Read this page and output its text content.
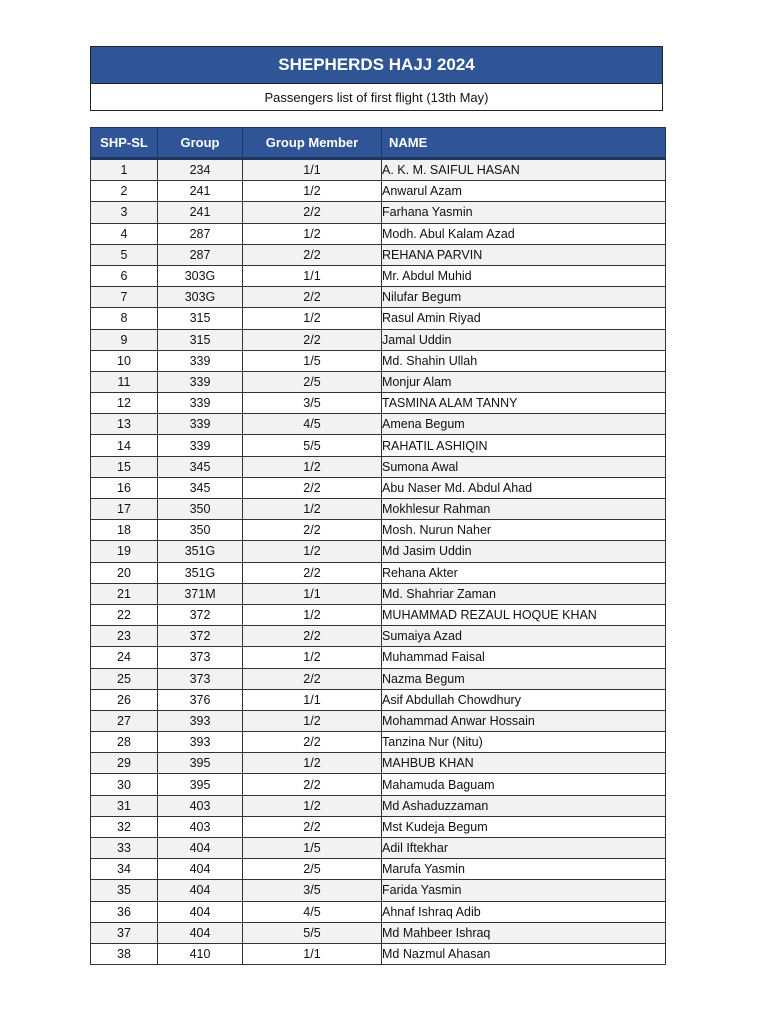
SHEPHERDS HAJJ 2024
Passengers list of first flight (13th May)
SHP-SL	Group	Group Member	NAME
1	234	1/1	A. K. M. SAIFUL HASAN
2	241	1/2	Anwarul Azam
3	241	2/2	Farhana Yasmin
4	287	1/2	Modh. Abul Kalam Azad
5	287	2/2	REHANA PARVIN
6	303G	1/1	Mr. Abdul Muhid
7	303G	2/2	Nilufar Begum
8	315	1/2	Rasul Amin Riyad
9	315	2/2	Jamal Uddin
10	339	1/5	Md. Shahin Ullah
11	339	2/5	Monjur Alam
12	339	3/5	TASMINA ALAM TANNY
13	339	4/5	Amena Begum
14	339	5/5	RAHATIL ASHIQIN
15	345	1/2	Sumona Awal
16	345	2/2	Abu Naser Md. Abdul Ahad
17	350	1/2	Mokhlesur Rahman
18	350	2/2	Mosh. Nurun Naher
19	351G	1/2	Md Jasim Uddin
20	351G	2/2	Rehana Akter
21	371M	1/1	Md. Shahriar Zaman
22	372	1/2	MUHAMMAD REZAUL HOQUE KHAN
23	372	2/2	Sumaiya Azad
24	373	1/2	Muhammad Faisal
25	373	2/2	Nazma Begum
26	376	1/1	Asif Abdullah Chowdhury
27	393	1/2	Mohammad Anwar Hossain
28	393	2/2	Tanzina Nur (Nitu)
29	395	1/2	MAHBUB KHAN
30	395	2/2	Mahamuda Baguam
31	403	1/2	Md Ashaduzzaman
32	403	2/2	Mst Kudeja Begum
33	404	1/5	Adil Iftekhar
34	404	2/5	Marufa Yasmin
35	404	3/5	Farida Yasmin
36	404	4/5	Ahnaf Ishraq Adib
37	404	5/5	Md Mahbeer Ishraq
38	410	1/1	Md Nazmul Ahasan
